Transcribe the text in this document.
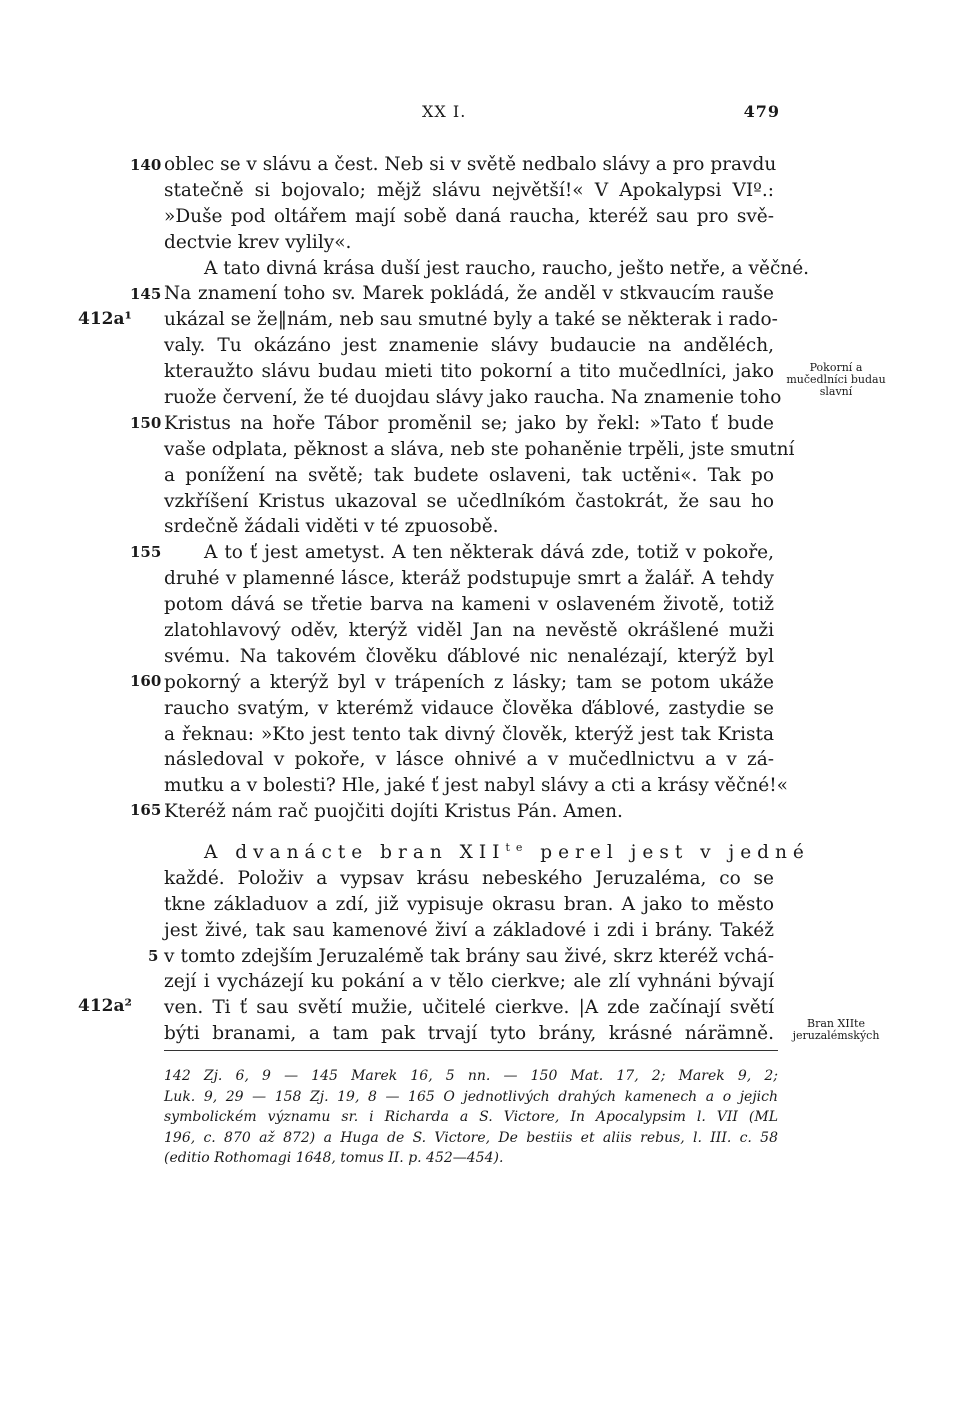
XX I.	479
140
145
150
155
160
165
5
412a¹
412a²
Pokorní a mučedlníci budau slavní
Bran XIIte jeruzalémských
oblec se v slávu a čest. Neb si v světě nedbalo slávy a pro pravdu
statečně si bojovalo; mějž slávu největší!« V Apokalypsi VIº.:
»Duše pod oltářem mají sobě daná raucha, kteréž sau pro svě-
dectvie krev vylily«.
A tato divná krása duší jest raucho, raucho, ješto netře, a věčné.
Na znamení toho sv. Marek pokládá, že anděl v stkvaucím rauše
ukázal se že‖nám, neb sau smutné byly a také se některak i rado-
valy. Tu okázáno jest znamenie slávy budaucie na anděléch,
kteraužto slávu budau mieti tito pokorní a tito mučedlníci, jako
ruože červení, že té duojdau slávy jako raucha. Na znamenie toho
Kristus na hoře Tábor proměnil se; jako by řekl: »Tato ť bude
vaše odplata, pěknost a sláva, neb ste pohaněnie trpěli, jste smutní
a ponížení na světě; tak budete oslaveni, tak uctěni«. Tak po
vzkříšení Kristus ukazoval se učedlníkóm častokrát, že sau ho
srdečně žádali viděti v té zpuosobě.
A to ť jest ametyst. A ten některak dává zde, totiž v pokoře,
druhé v plamenné lásce, kteráž podstupuje smrt a žalář. A tehdy
potom dává se třetie barva na kameni v oslaveném životě, totiž
zlatohlavový oděv, kterýž viděl Jan na nevěstě okrášlené muži
svému. Na takovém člověku ďáblové nic nenalézají, kterýž byl
pokorný a kterýž byl v trápeních z lásky; tam se potom ukáže
raucho svatým, v kterémž vidauce člověka ďáblové, zastydie se
a řeknau: »Kto jest tento tak divný člověk, kterýž jest tak Krista
následoval v pokoře, v lásce ohnivé a v mučedlnictvu a v zá-
mutku a v bolesti? Hle, jaké ť jest nabyl slávy a cti a krásy věčné!«
Kteréž nám rač puojčiti dojíti Kristus Pán. Amen.
A dvanácte bran $XII^{te}$ perel jest v jedné
každé. Položiv a vypsav krásu nebeského Jeruzaléma, co se
tkne základuov a zdí, již vypisuje okrasu bran. A jako to město
jest živé, tak sau kamenové živí a základové i zdi i brány. Takéž
v tomto zdejším Jeruzalémě tak brány sau živé, skrz kteréž vchá-
zejí i vycházejí ku pokání a v tělo cierkve; ale zlí vyhnáni bývají
ven. Ti ť sau světí mužie, učitelé cierkve. |A zde začínají světí
býti branami, a tam pak trvají tyto brány, krásné nárämně.
142 Zj. 6, 9 — 145 Marek 16, 5 nn. — 150 Mat. 17, 2; Marek 9, 2;
Luk. 9, 29 — 158 Zj. 19, 8 — 165 O jednotlivých drahých kamenech a o jejich
symbolickém významu sr. i Richarda a S. Victore, In Apocalypsim l. VII (ML
196, c. 870 až 872) a Huga de S. Victore, De bestiis et aliis rebus, l. III. c. 58
(editio Rothomagi 1648, tomus II. p. 452—454).
